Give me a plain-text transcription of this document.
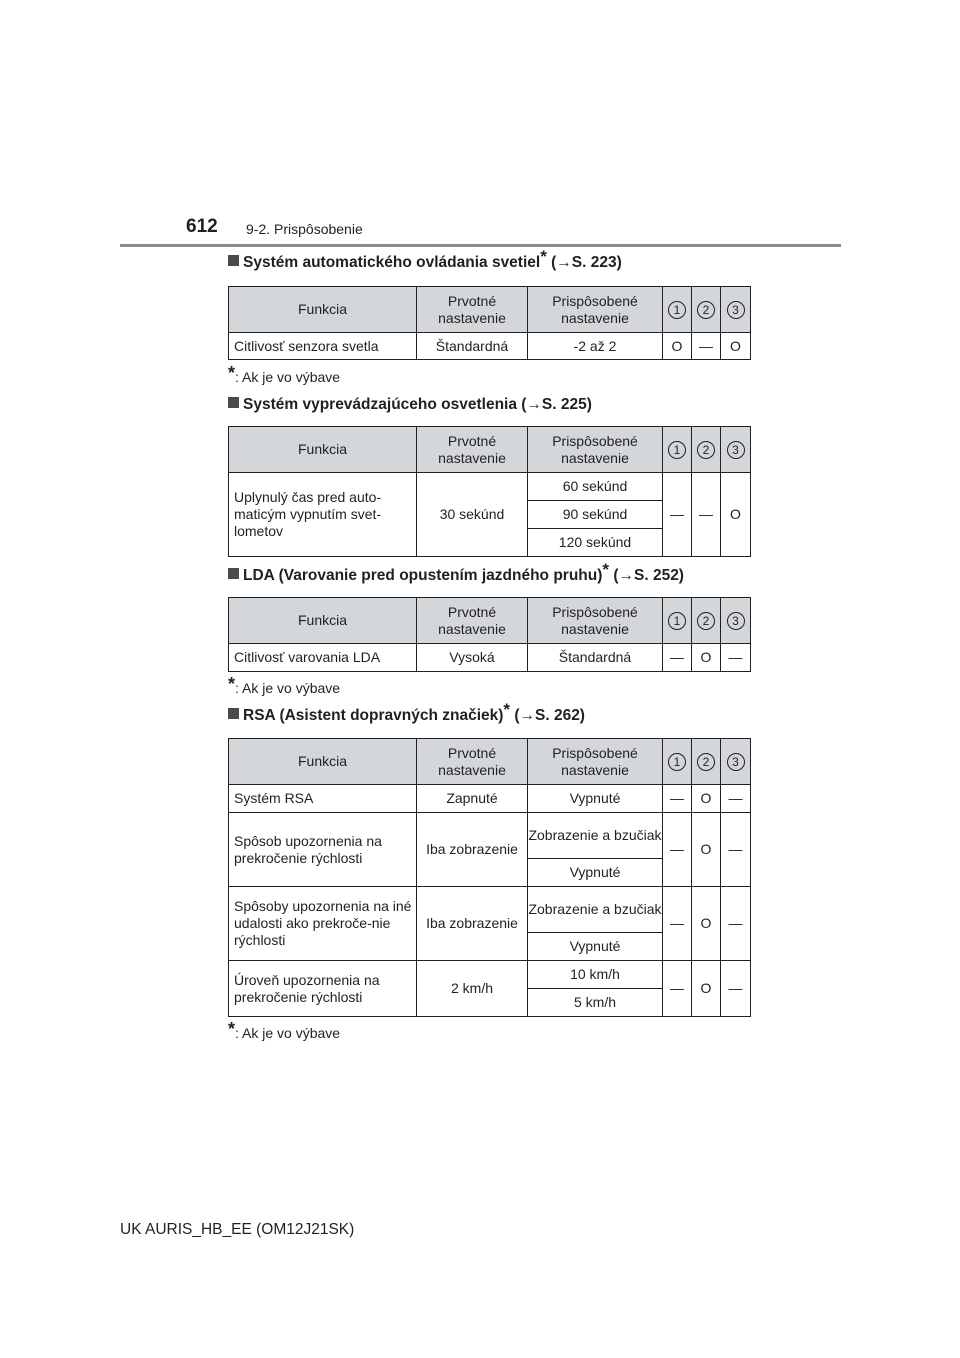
612 9-2. Prispôsobenie
Systém automatického ovládania svetiel* (→S. 223)
Funkcia	Prvotné nastavenie	Prispôsobené nastavenie	1	2	3
Citlivosť senzora svetla	Štandardná	-2 až 2	O	—	O
*: Ak je vo výbave
Systém vyprevádzajúceho osvetlenia (→S. 225)
Funkcia	Prvotné nastavenie	Prispôsobené nastavenie	1	2	3
Uplynulý čas pred auto-maticým vypnutím svet-lometov	30 sekúnd	60 sekúnd	—	—	O
		90 sekúnd			
		120 sekúnd			
LDA (Varovanie pred opustením jazdného pruhu)* (→S. 252)
Funkcia	Prvotné nastavenie	Prispôsobené nastavenie	1	2	3
Citlivosť varovania LDA	Vysoká	Štandardná	—	O	—
*: Ak je vo výbave
RSA (Asistent dopravných značiek)* (→S. 262)
Funkcia	Prvotné nastavenie	Prispôsobené nastavenie	1	2	3
Systém RSA	Zapnuté	Vypnuté	—	O	—
Spôsob upozornenia na prekročenie rýchlosti	Iba zobrazenie	Zobrazenie a bzučiak	—	O	—
		Vypnuté			
Spôsoby upozornenia na iné udalosti ako prekroče-nie rýchlosti	Iba zobrazenie	Zobrazenie a bzučiak	—	O	—
		Vypnuté			
Úroveň upozornenia na prekročenie rýchlosti	2 km/h	10 km/h	—	O	—
		5 km/h			
*: Ak je vo výbave
UK AURIS_HB_EE (OM12J21SK)
